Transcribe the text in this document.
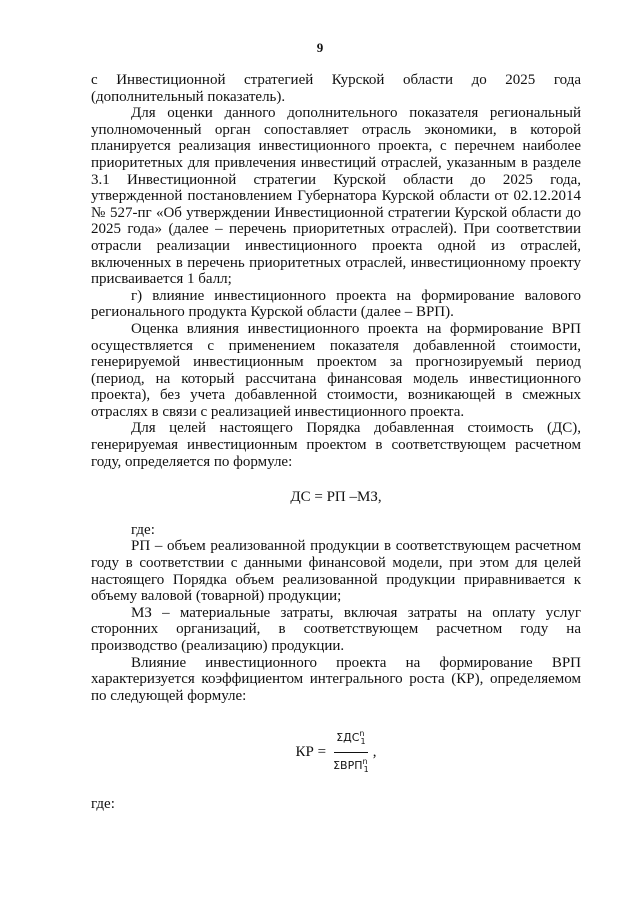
9

с Инвестиционной стратегией Курской области до 2025 года (дополнительный показатель).

Для оценки данного дополнительного показателя региональный уполномоченный орган сопоставляет отрасль экономики, в которой планируется реализация инвестиционного проекта, с перечнем наиболее приоритетных для привлечения инвестиций отраслей, указанным в разделе 3.1 Инвестиционной стратегии Курской области до 2025 года, утвержденной постановлением Губернатора Курской области от 02.12.2014 № 527-пг «Об утверждении Инвестиционной стратегии Курской области до 2025 года» (далее – перечень приоритетных отраслей). При соответствии отрасли реализации инвестиционного проекта одной из отраслей, включенных в перечень приоритетных отраслей, инвестиционному проекту присваивается 1 балл;

г) влияние инвестиционного проекта на формирование валового регионального продукта Курской области (далее – ВРП).

Оценка влияния инвестиционного проекта на формирование ВРП осуществляется с применением показателя добавленной стоимости, генерируемой инвестиционным проектом за прогнозируемый период (период, на который рассчитана финансовая модель инвестиционного проекта), без учета добавленной стоимости, возникающей в смежных отраслях в связи с реализацией инвестиционного проекта.

Для целей настоящего Порядка добавленная стоимость (ДС), генерируемая инвестиционным проектом в соответствующем расчетном году, определяется по формуле:

ДС = РП –МЗ,

где:

РП – объем реализованной продукции в соответствующем расчетном году в соответствии с данными финансовой модели, при этом для целей настоящего Порядка объем реализованной продукции приравнивается к объему валовой (товарной) продукции;

МЗ – материальные затраты, включая затраты на оплату услуг сторонних организаций, в соответствующем расчетном году на производство (реализацию) продукции.

Влияние инвестиционного проекта на формирование ВРП характеризуется коэффициентом интегрального роста (КР), определяемом по следующей формуле:

КР = $\frac{\Sigma ДС^n_1}{\Sigma ВРП^n_1}$ ,
где:
